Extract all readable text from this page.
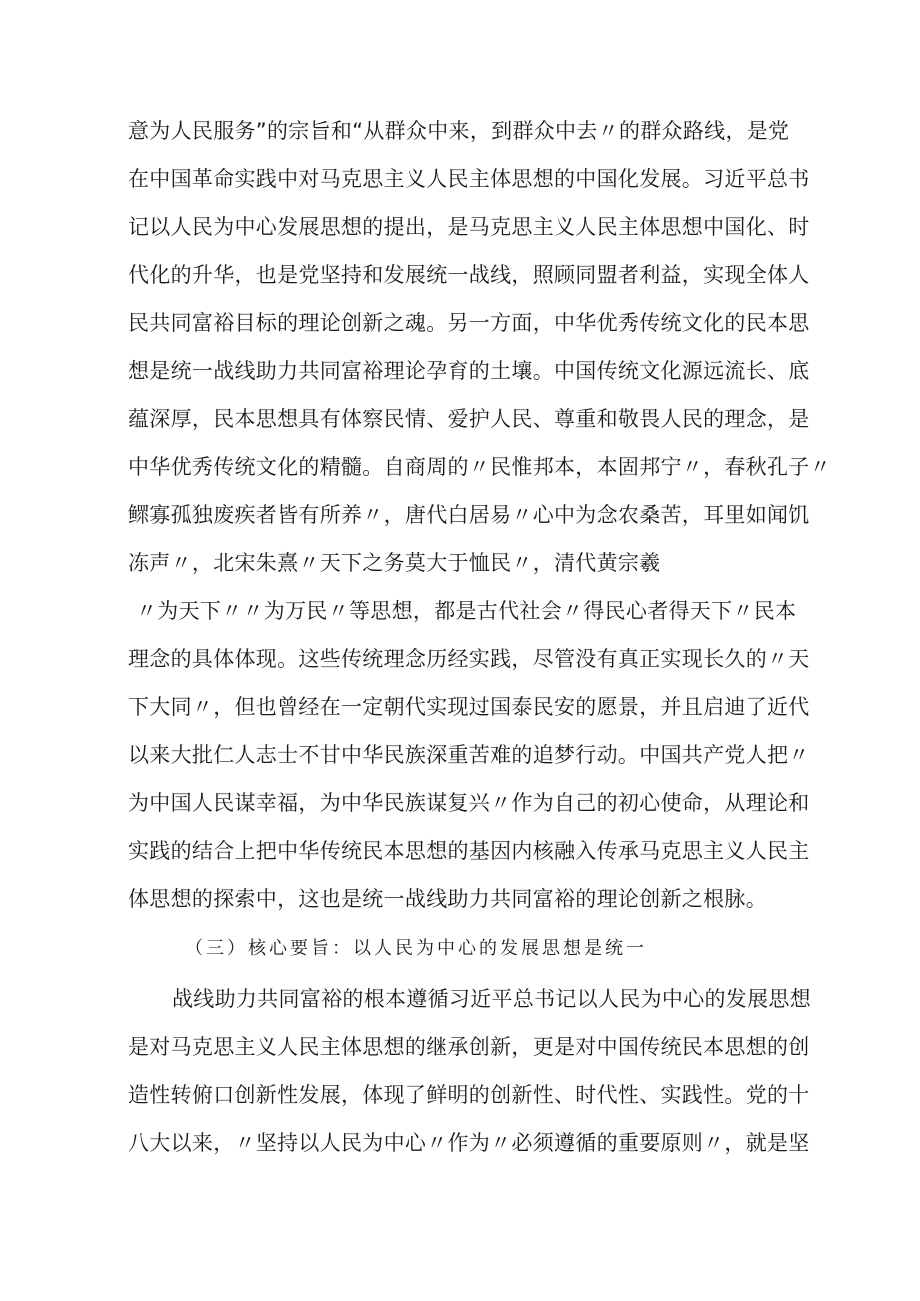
意为人民服务”的宗旨和“从群众中来，到群众中去〃的群众路线，是党
在中国革命实践中对马克思主义人民主体思想的中国化发展。习近平总书
记以人民为中心发展思想的提出，是马克思主义人民主体思想中国化、时
代化的升华，也是党坚持和发展统一战线，照顾同盟者利益，实现全体人
民共同富裕目标的理论创新之魂。另一方面，中华优秀传统文化的民本思
想是统一战线助力共同富裕理论孕育的土壤。中国传统文化源远流长、底
蕴深厚，民本思想具有体察民情、爱护人民、尊重和敬畏人民的理念，是
中华优秀传统文化的精髓。自商周的〃民惟邦本，本固邦宁〃，春秋孔子〃
鳏寡孤独废疾者皆有所养〃，唐代白居易〃心中为念农桑苦，耳里如闻饥
冻声〃，北宋朱熹〃天下之务莫大于恤民〃，清代黄宗羲
〃为天下〃〃为万民〃等思想，都是古代社会〃得民心者得天下〃民本
理念的具体体现。这些传统理念历经实践，尽管没有真正实现长久的〃天
下大同〃，但也曾经在一定朝代实现过国泰民安的愿景，并且启迪了近代
以来大批仁人志士不甘中华民族深重苦难的追梦行动。中国共产党人把〃
为中国人民谋幸福，为中华民族谋复兴〃作为自己的初心使命，从理论和
实践的结合上把中华传统民本思想的基因内核融入传承马克思主义人民主
体思想的探索中，这也是统一战线助力共同富裕的理论创新之根脉。
（三）核心要旨：以人民为中心的发展思想是统一
战线助力共同富裕的根本遵循习近平总书记以人民为中心的发展思想
是对马克思主义人民主体思想的继承创新，更是对中国传统民本思想的创
造性转俯口创新性发展，体现了鲜明的创新性、时代性、实践性。党的十
八大以来，〃坚持以人民为中心〃作为〃必须遵循的重要原则〃，就是坚
